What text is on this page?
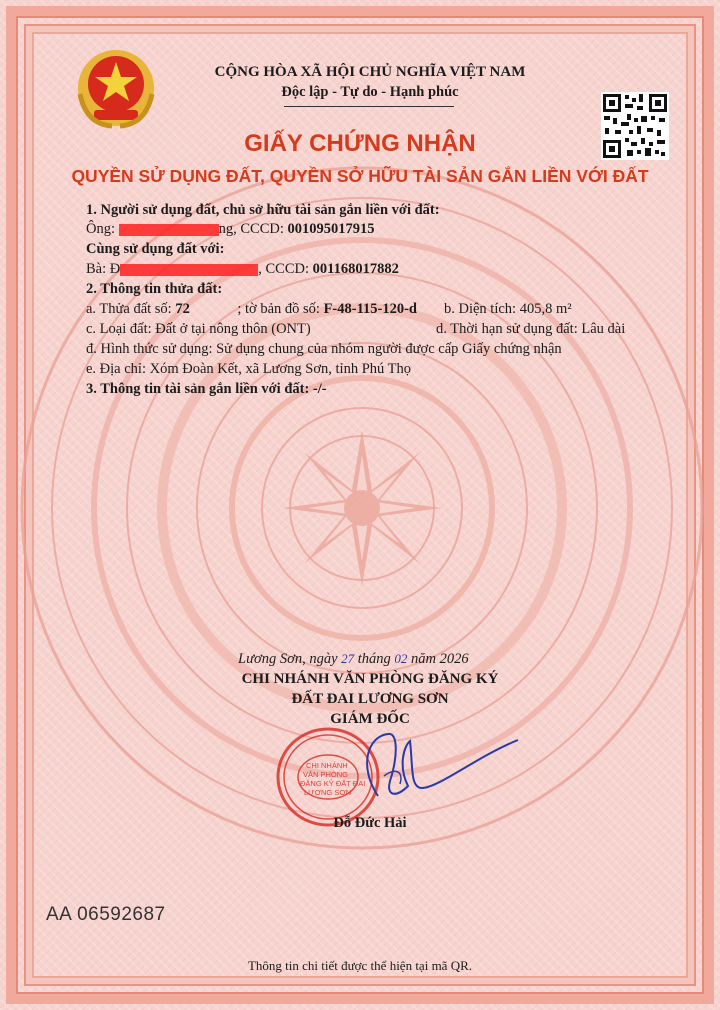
CỘNG HÒA XÃ HỘI CHỦ NGHĨA VIỆT NAM
Độc lập - Tự do - Hạnh phúc
GIẤY CHỨNG NHẬN
QUYỀN SỬ DỤNG ĐẤT, QUYỀN SỞ HỮU TÀI SẢN GẮN LIỀN VỚI ĐẤT
1. Người sử dụng đất, chủ sở hữu tài sản gắn liền với đất:
Ông:	ng, CCCD: 001095017915
Cùng sử dụng đất với:
Bà: Đ	, CCCD: 001168017882
2. Thông tin thửa đất:
a. Thửa đất số: 72	; tờ bản đồ số: F-48-115-120-d b. Diện tích: 405,8 m²
c. Loại đất: Đất ở tại nông thôn (ONT)	d. Thời hạn sử dụng đất: Lâu dài
đ. Hình thức sử dụng: Sử dụng chung của nhóm người được cấp Giấy chứng nhận
e. Địa chỉ: Xóm Đoàn Kết, xã Lương Sơn, tỉnh Phú Thọ
3. Thông tin tài sản gắn liền với đất: -/-
Lương Sơn, ngày 27 tháng 02 năm 2026
CHI NHÁNH VĂN PHÒNG ĐĂNG KÝ
ĐẤT ĐAI LƯƠNG SƠN
GIÁM ĐỐC
CHI NHÁNH
VĂN PHÒNG
ĐĂNG KÝ ĐẤT ĐAI
LƯƠNG SƠN
Đỗ Đức Hải
AA 06592687
Thông tin chi tiết được thể hiện tại mã QR.
